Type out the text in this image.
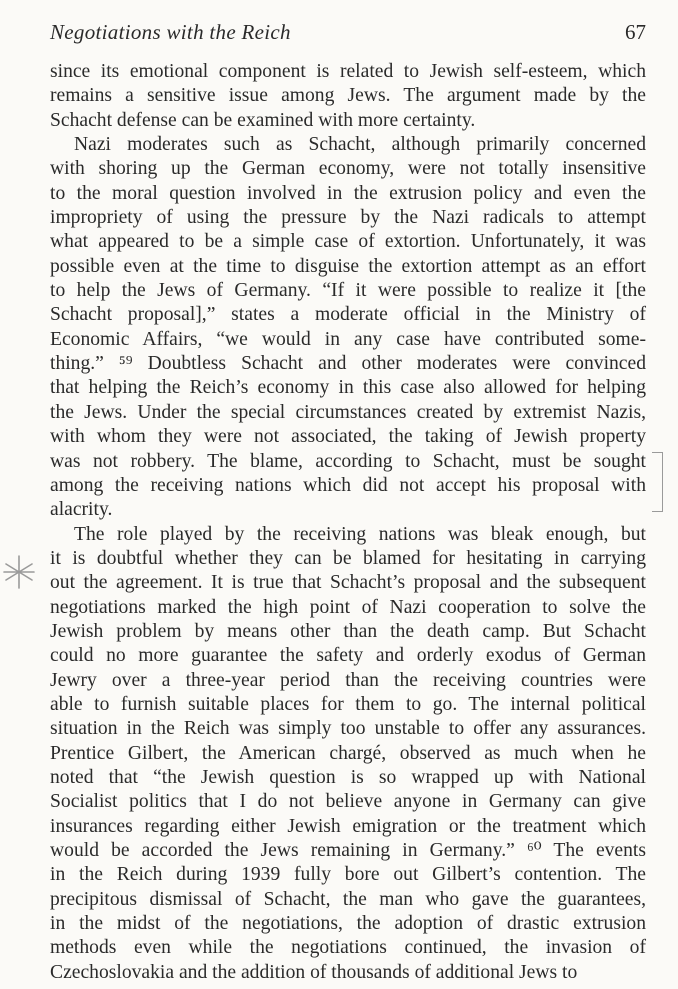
Negotiations with the Reich	67
since its emotional component is related to Jewish self-esteem, which
remains a sensitive issue among Jews. The argument made by the
Schacht defense can be examined with more certainty.
Nazi moderates such as Schacht, although primarily concerned
with shoring up the German economy, were not totally insensitive
to the moral question involved in the extrusion policy and even the
impropriety of using the pressure by the Nazi radicals to attempt
what appeared to be a simple case of extortion. Unfortunately, it was
possible even at the time to disguise the extortion attempt as an effort
to help the Jews of Germany. “If it were possible to realize it [the
Schacht proposal],” states a moderate official in the Ministry of
Economic Affairs, “we would in any case have contributed some-
thing.” ⁵⁹ Doubtless Schacht and other moderates were convinced
that helping the Reich’s economy in this case also allowed for helping
the Jews. Under the special circumstances created by extremist Nazis,
with whom they were not associated, the taking of Jewish property
was not robbery. The blame, according to Schacht, must be sought
among the receiving nations which did not accept his proposal with
alacrity.
The role played by the receiving nations was bleak enough, but
it is doubtful whether they can be blamed for hesitating in carrying
out the agreement. It is true that Schacht’s proposal and the subsequent
negotiations marked the high point of Nazi cooperation to solve the
Jewish problem by means other than the death camp. But Schacht
could no more guarantee the safety and orderly exodus of German
Jewry over a three-year period than the receiving countries were
able to furnish suitable places for them to go. The internal political
situation in the Reich was simply too unstable to offer any assurances.
Prentice Gilbert, the American chargé, observed as much when he
noted that “the Jewish question is so wrapped up with National
Socialist politics that I do not believe anyone in Germany can give
insurances regarding either Jewish emigration or the treatment which
would be accorded the Jews remaining in Germany.” ⁶⁰ The events
in the Reich during 1939 fully bore out Gilbert’s contention. The
precipitous dismissal of Schacht, the man who gave the guarantees,
in the midst of the negotiations, the adoption of drastic extrusion
methods even while the negotiations continued, the invasion of
Czechoslovakia and the addition of thousands of additional Jews to
